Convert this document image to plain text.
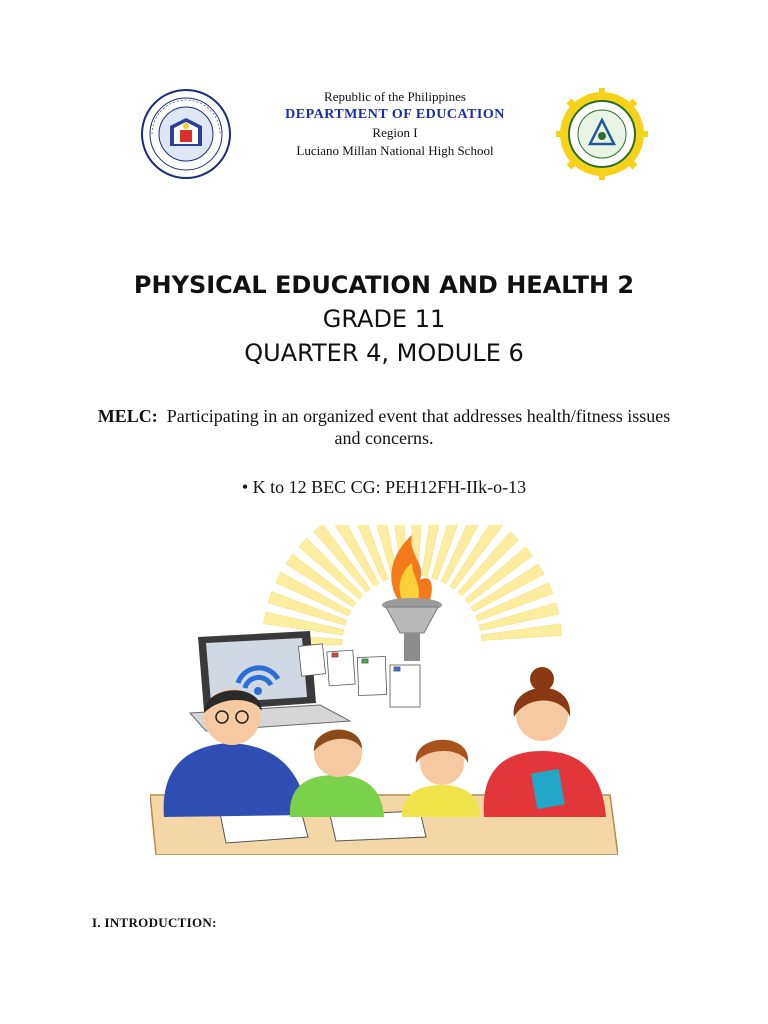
Republic of the Philippines
DEPARTMENT OF EDUCATION
Region I
Luciano Millan National High School
PHYSICAL EDUCATION AND HEALTH 2
GRADE 11
QUARTER 4, MODULE 6
MELC: Participating in an organized event that addresses health/fitness issues and concerns.
• K to 12 BEC CG: PEH12FH-IIk-o-13
I. INTRODUCTION:
